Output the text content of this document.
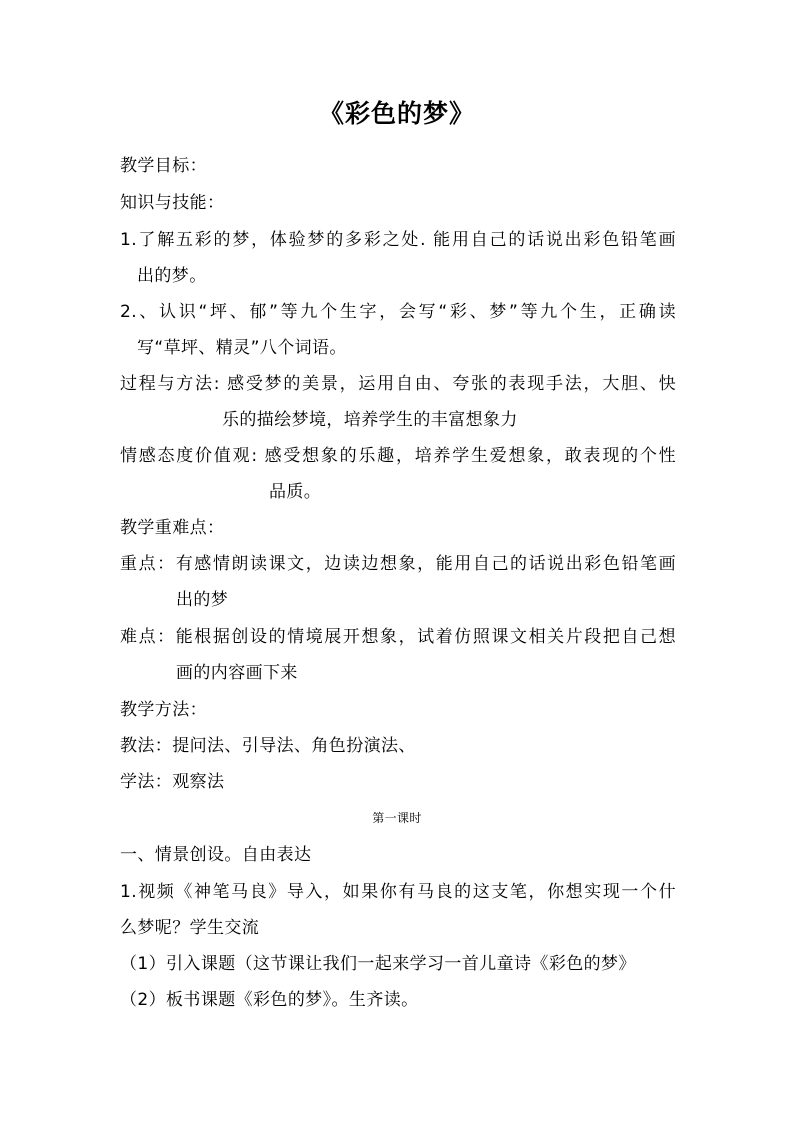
《彩色的梦》
教学目标：
知识与技能：
1.了解五彩的梦，体验梦的多彩之处. 能用自己的话说出彩色铅笔画
出的梦。
2.、认识“坪、郁”等九个生字，会写“彩、梦”等九个生，正确读
写“草坪、精灵”八个词语。
过程与方法: 感受梦的美景，运用自由、夸张的表现手法，大胆、快
乐的描绘梦境，培养学生的丰富想象力
情感态度价值观: 感受想象的乐趣，培养学生爱想象，敢表现的个性
品质。
教学重难点：
重点：有感情朗读课文，边读边想象，能用自己的话说出彩色铅笔画
出的梦
难点：能根据创设的情境展开想象，试着仿照课文相关片段把自己想
画的内容画下来
教学方法：
教法：提问法、引导法、角色扮演法、
学法：观察法
第一课时
一、情景创设。自由表达
1.视频《神笔马良》导入，如果你有马良的这支笔，你想实现一个什
么梦呢？学生交流
（1）引入课题（这节课让我们一起来学习一首儿童诗《彩色的梦》
（2）板书课题《彩色的梦》。生齐读。
